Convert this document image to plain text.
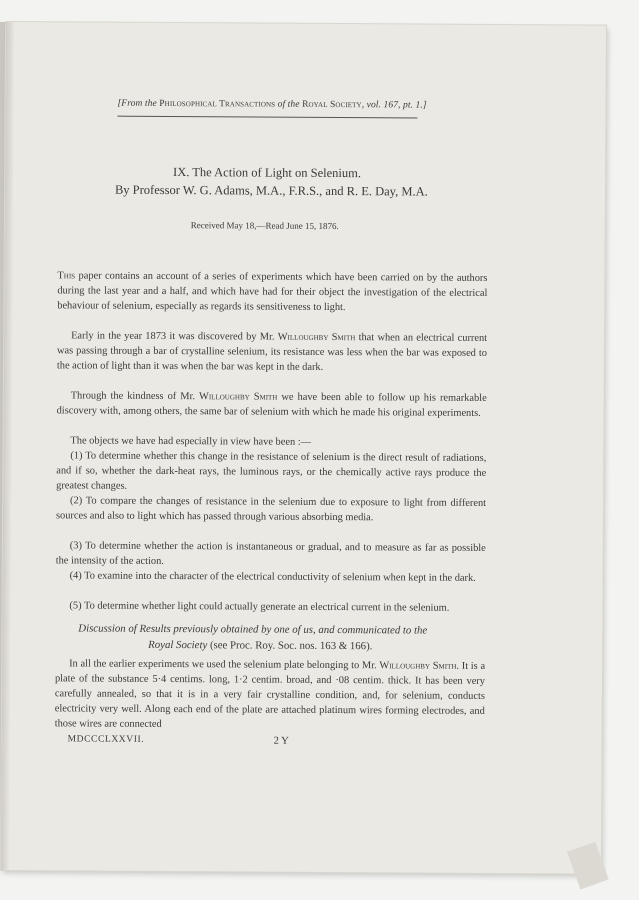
[From the Philosophical Transactions of the Royal Society, vol. 167, pt. 1.]
IX. The Action of Light on Selenium.
By Professor W. G. Adams, M.A., F.R.S., and R. E. Day, M.A.
Received May 18,—Read June 15, 1876.
This paper contains an account of a series of experiments which have been carried on by the authors during the last year and a half, and which have had for their object the investigation of the electrical behaviour of selenium, especially as regards its sensitiveness to light.
Early in the year 1873 it was discovered by Mr. Willoughby Smith that when an electrical current was passing through a bar of crystalline selenium, its resistance was less when the bar was exposed to the action of light than it was when the bar was kept in the dark.
Through the kindness of Mr. Willoughby Smith we have been able to follow up his remarkable discovery with, among others, the same bar of selenium with which he made his original experiments.
The objects we have had especially in view have been :—
(1) To determine whether this change in the resistance of selenium is the direct result of radiations, and if so, whether the dark-heat rays, the luminous rays, or the chemically active rays produce the greatest changes.
(2) To compare the changes of resistance in the selenium due to exposure to light from different sources and also to light which has passed through various absorbing media.
(3) To determine whether the action is instantaneous or gradual, and to measure as far as possible the intensity of the action.
(4) To examine into the character of the electrical conductivity of selenium when kept in the dark.
(5) To determine whether light could actually generate an electrical current in the selenium.
Discussion of Results previously obtained by one of us, and communicated to the
Royal Society (see Proc. Roy. Soc. nos. 163 & 166).
In all the earlier experiments we used the selenium plate belonging to Mr. Willoughby Smith. It is a plate of the substance 5·4 centims. long, 1·2 centim. broad, and ·08 centim. thick. It has been very carefully annealed, so that it is in a very fair crystalline condition, and, for selenium, conducts electricity very well. Along each end of the plate are attached platinum wires forming electrodes, and those wires are connected
MDCCCLXXVII.	2 Y
